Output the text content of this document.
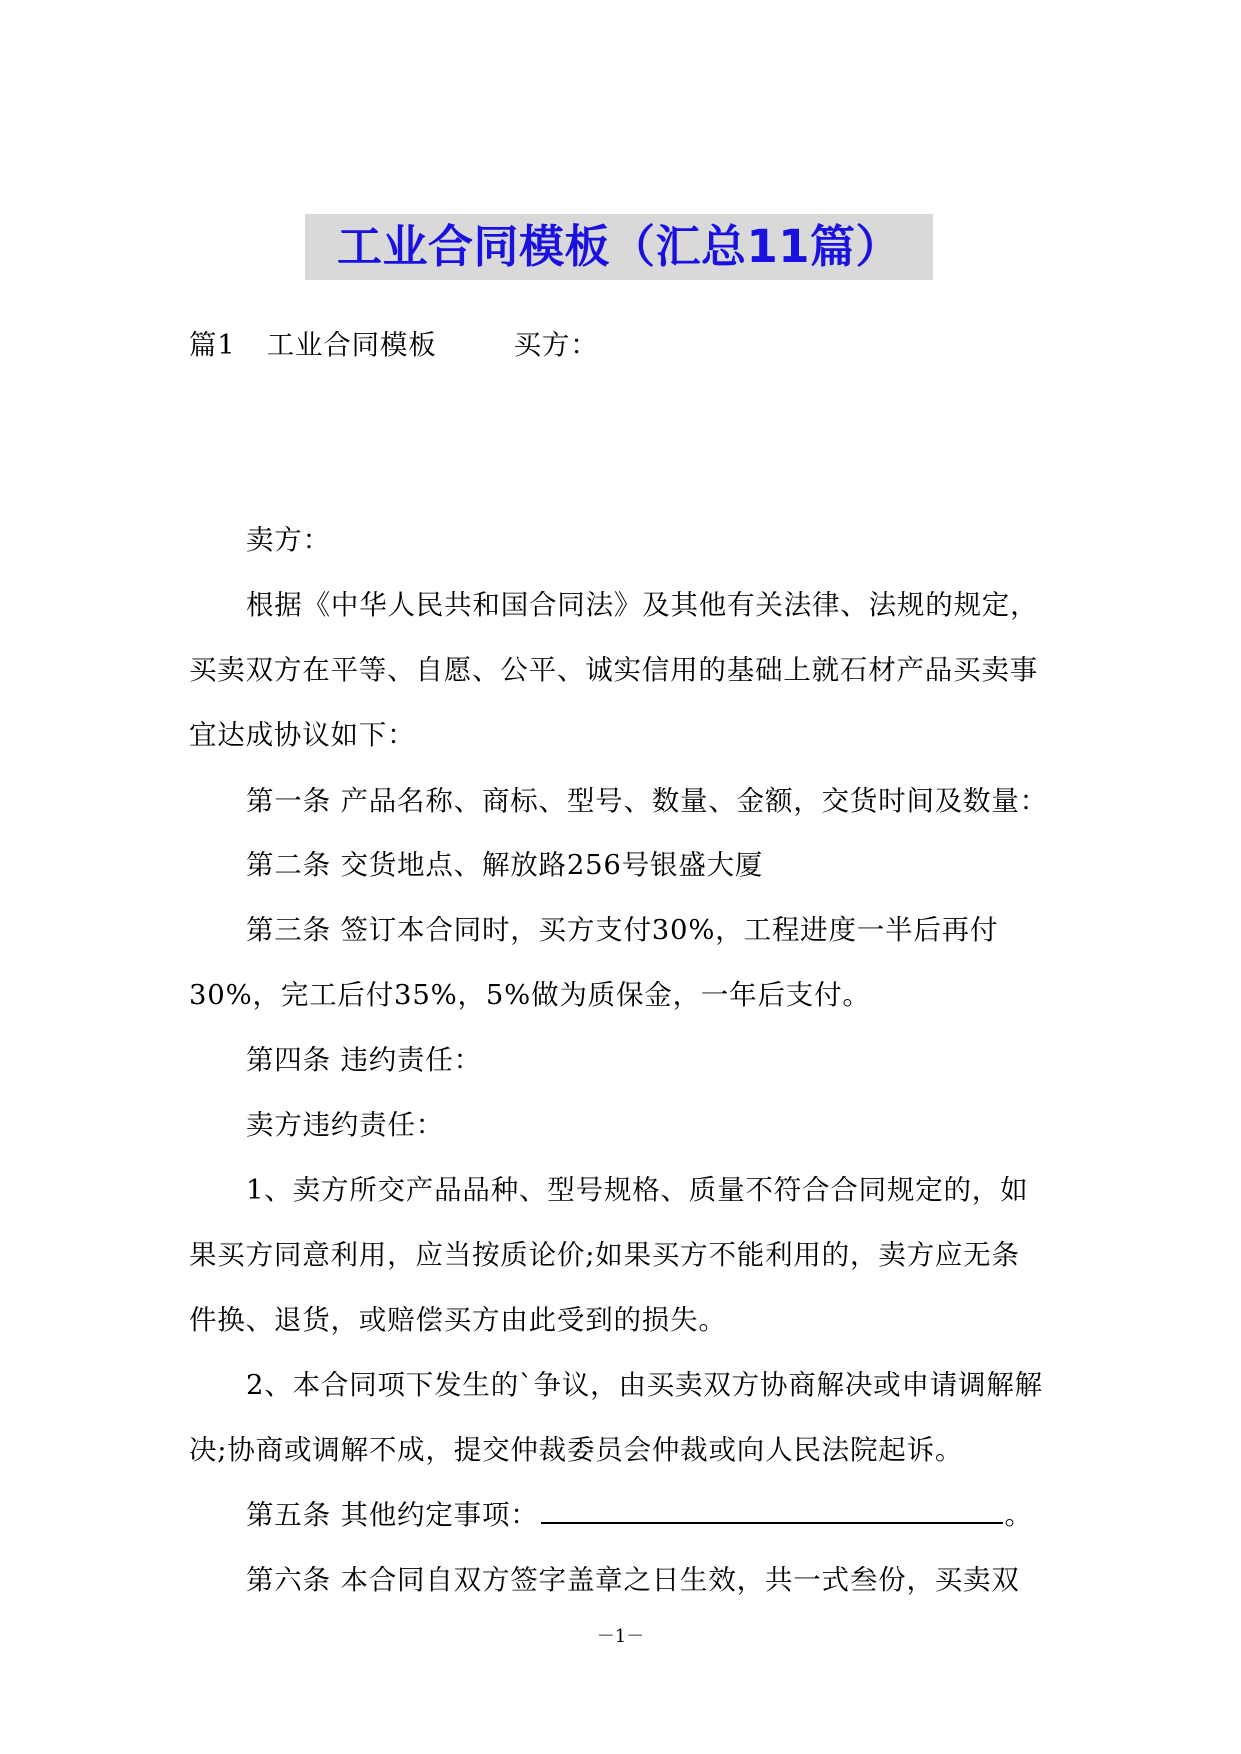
工业合同模板（汇总11篇）
篇1 工业合同模板	买方：
卖方：
根据《中华人民共和国合同法》及其他有关法律、法规的规定，
买卖双方在平等、自愿、公平、诚实信用的基础上就石材产品买卖事
宜达成协议如下：
第一条 产品名称、商标、型号、数量、金额，交货时间及数量：
第二条 交货地点、解放路256号银盛大厦
第三条 签订本合同时，买方支付30%，工程进度一半后再付
30%，完工后付35%，5%做为质保金，一年后支付。
第四条 违约责任：
卖方违约责任：
1、卖方所交产品品种、型号规格、质量不符合合同规定的，如
果买方同意利用，应当按质论价;如果买方不能利用的，卖方应无条
件换、退货，或赔偿买方由此受到的损失。
2、本合同项下发生的`争议，由买卖双方协商解决或申请调解解
决;协商或调解不成，提交仲裁委员会仲裁或向人民法院起诉。
第五条 其他约定事项：	。
第六条 本合同自双方签字盖章之日生效，共一式叁份，买卖双
－1－
